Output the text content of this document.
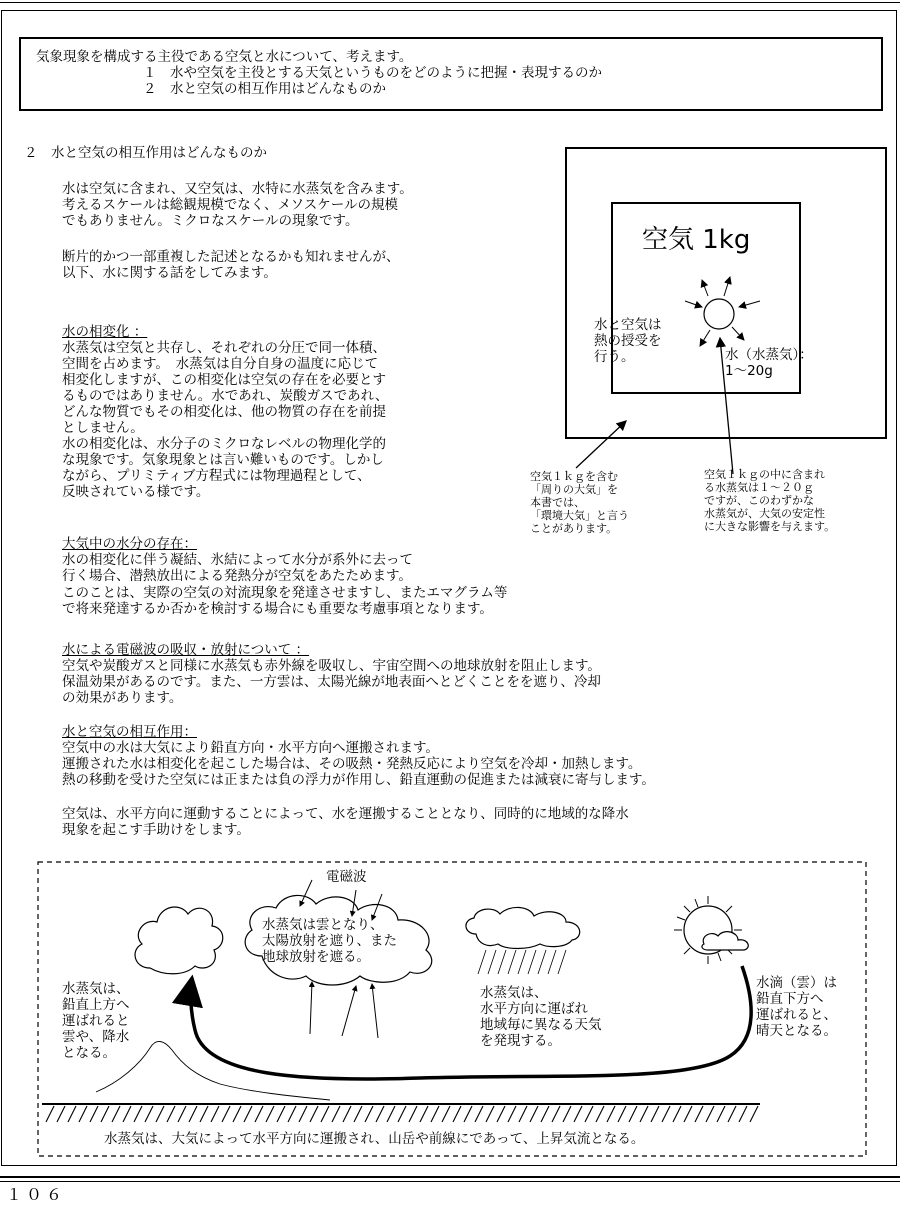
気象現象を構成する主役である空気と水について、考えます。
１　水や空気を主役とする天気というものをどのように把握・表現するのか
２　水と空気の相互作用はどんなものか
２　水と空気の相互作用はどんなものか
水は空気に含まれ、又空気は、水特に水蒸気を含みます。
考えるスケールは総観規模でなく、メソスケールの規模
でもありません。ミクロなスケールの現象です。
断片的かつ一部重複した記述となるかも知れませんが、
以下、水に関する話をしてみます。
水の相変化 ：
水蒸気は空気と共存し、それぞれの分圧で同一体積、
空間を占めます。　水蒸気は自分自身の温度に応じて
相変化しますが、この相変化は空気の存在を必要とす
るものではありません。水であれ、炭酸ガスであれ、
どんな物質でもその相変化は、他の物質の存在を前提
としません。
水の相変化は、水分子のミクロなレベルの物理化学的
な現象です。気象現象とは言い難いものです。しかし
ながら、プリミティブ方程式には物理過程として、
反映されている様です。
大気中の水分の存在：
水の相変化に伴う凝結、氷結によって水分が系外に去って
行く場合、潜熱放出による発熱分が空気をあたためます。
このことは、実際の空気の対流現象を発達させますし、またエマグラム等
で将来発達するか否かを検討する場合にも重要な考慮事項となります。
水による電磁波の吸収・放射について ：
空気や炭酸ガスと同様に水蒸気も赤外線を吸収し、宇宙空間への地球放射を阻止します。
保温効果があるのです。また、一方雲は、太陽光線が地表面へとどくことをを遮り、冷却
の効果があります。
水と空気の相互作用：
空気中の水は大気により鉛直方向・水平方向へ運搬されます。
運搬された水は相変化を起こした場合は、その吸熱・発熱反応により空気を冷却・加熱します。
熱の移動を受けた空気には正または負の浮力が作用し、鉛直運動の促進または減衰に寄与します。
空気は、水平方向に運動することによって、水を運搬することとなり、同時的に地域的な降水
現象を起こす手助けをします。
空気 1kg
水と空気は
熱の授受を
行う。	水（水蒸気）：
1～20g
空気１ｋｇを含む
「周りの大気」を
本書では、
「環境大気」と言う
ことがあります。
空気１ｋｇの中に含まれ
る水蒸気は１～２０ｇ
ですが、このわずかな
水蒸気が、大気の安定性
に大きな影響を与えます。
電磁波
水蒸気は雲となり、
太陽放射を遮り、また
地球放射を遮る。
水蒸気は、
鉛直上方へ
運ばれると
雲や、降水
となる。
水蒸気は、
水平方向に運ばれ
地域毎に異なる天気
を発現する。
水滴（雲）は
鉛直下方へ
運ばれると、
晴天となる。
水蒸気は、大気によって水平方向に運搬され、山岳や前線にであって、上昇気流となる。
１０６
